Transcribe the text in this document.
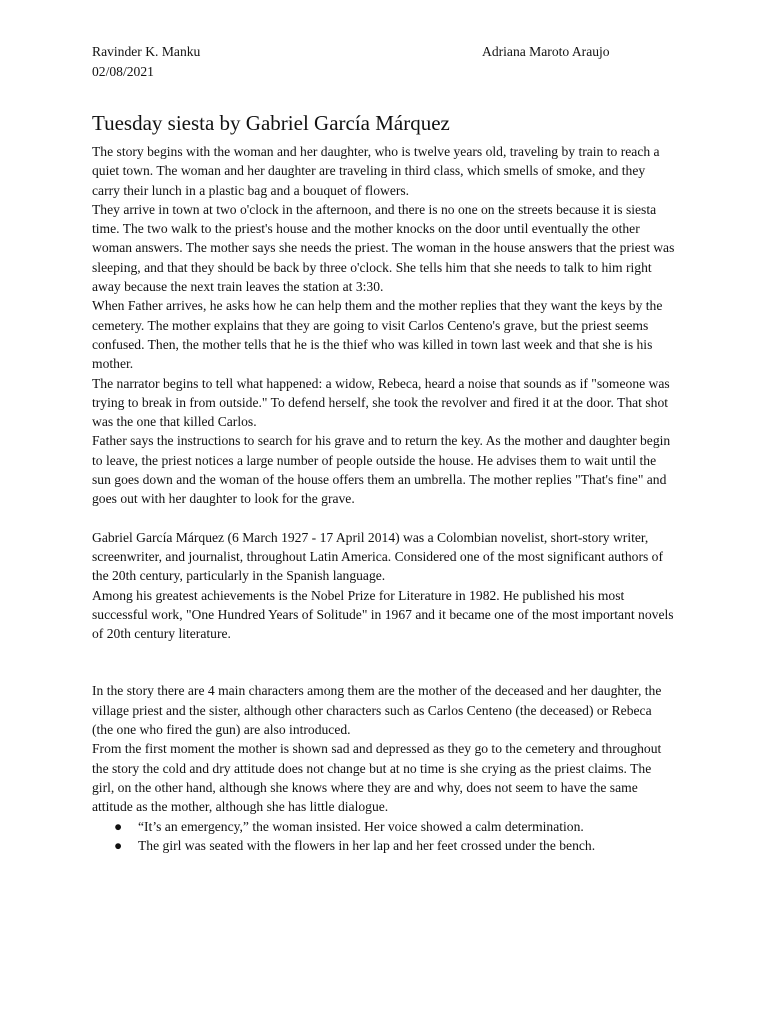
Ravinder K. Manku
02/08/2021
Adriana Maroto Araujo
Tuesday siesta by Gabriel García Márquez

The story begins with the woman and her daughter, who is twelve years old, traveling by train to reach a quiet town. The woman and her daughter are traveling in third class, which smells of smoke, and they carry their lunch in a plastic bag and a bouquet of flowers.

They arrive in town at two o'clock in the afternoon, and there is no one on the streets because it is siesta time. The two walk to the priest's house and the mother knocks on the door until eventually the other woman answers. The mother says she needs the priest. The woman in the house answers that the priest was sleeping, and that they should be back by three o'clock. She tells him that she needs to talk to him right away because the next train leaves the station at 3:30.

When Father arrives, he asks how he can help them and the mother replies that they want the keys by the cemetery. The mother explains that they are going to visit Carlos Centeno's grave, but the priest seems confused. Then, the mother tells that he is the thief who was killed in town last week and that she is his mother.

The narrator begins to tell what happened: a widow, Rebeca, heard a noise that sounds as if "someone was trying to break in from outside." To defend herself, she took the revolver and fired it at the door. That shot was the one that killed Carlos.

Father says the instructions to search for his grave and to return the key. As the mother and daughter begin to leave, the priest notices a large number of people outside the house. He advises them to wait until the sun goes down and the woman of the house offers them an umbrella. The mother replies "That's fine" and goes out with her daughter to look for the grave.

Gabriel García Márquez (6 March 1927 - 17 April 2014) was a Colombian novelist, short-story writer, screenwriter, and journalist, throughout Latin America. Considered one of the most significant authors of the 20th century, particularly in the Spanish language.

Among his greatest achievements is the Nobel Prize for Literature in 1982. He published his most successful work, "One Hundred Years of Solitude" in 1967 and it became one of the most important novels of 20th century literature.

In the story there are 4 main characters among them are the mother of the deceased and her daughter, the village priest and the sister, although other characters such as Carlos Centeno (the deceased) or Rebeca (the one who fired the gun) are also introduced.

From the first moment the mother is shown sad and depressed as they go to the cemetery and throughout the story the cold and dry attitude does not change but at no time is she crying as the priest claims. The girl, on the other hand, although she knows where they are and why, does not seem to have the same attitude as the mother, although she has little dialogue.

● “It’s an emergency,” the woman insisted. Her voice showed a calm determination.
● The girl was seated with the flowers in her lap and her feet crossed under the bench.
